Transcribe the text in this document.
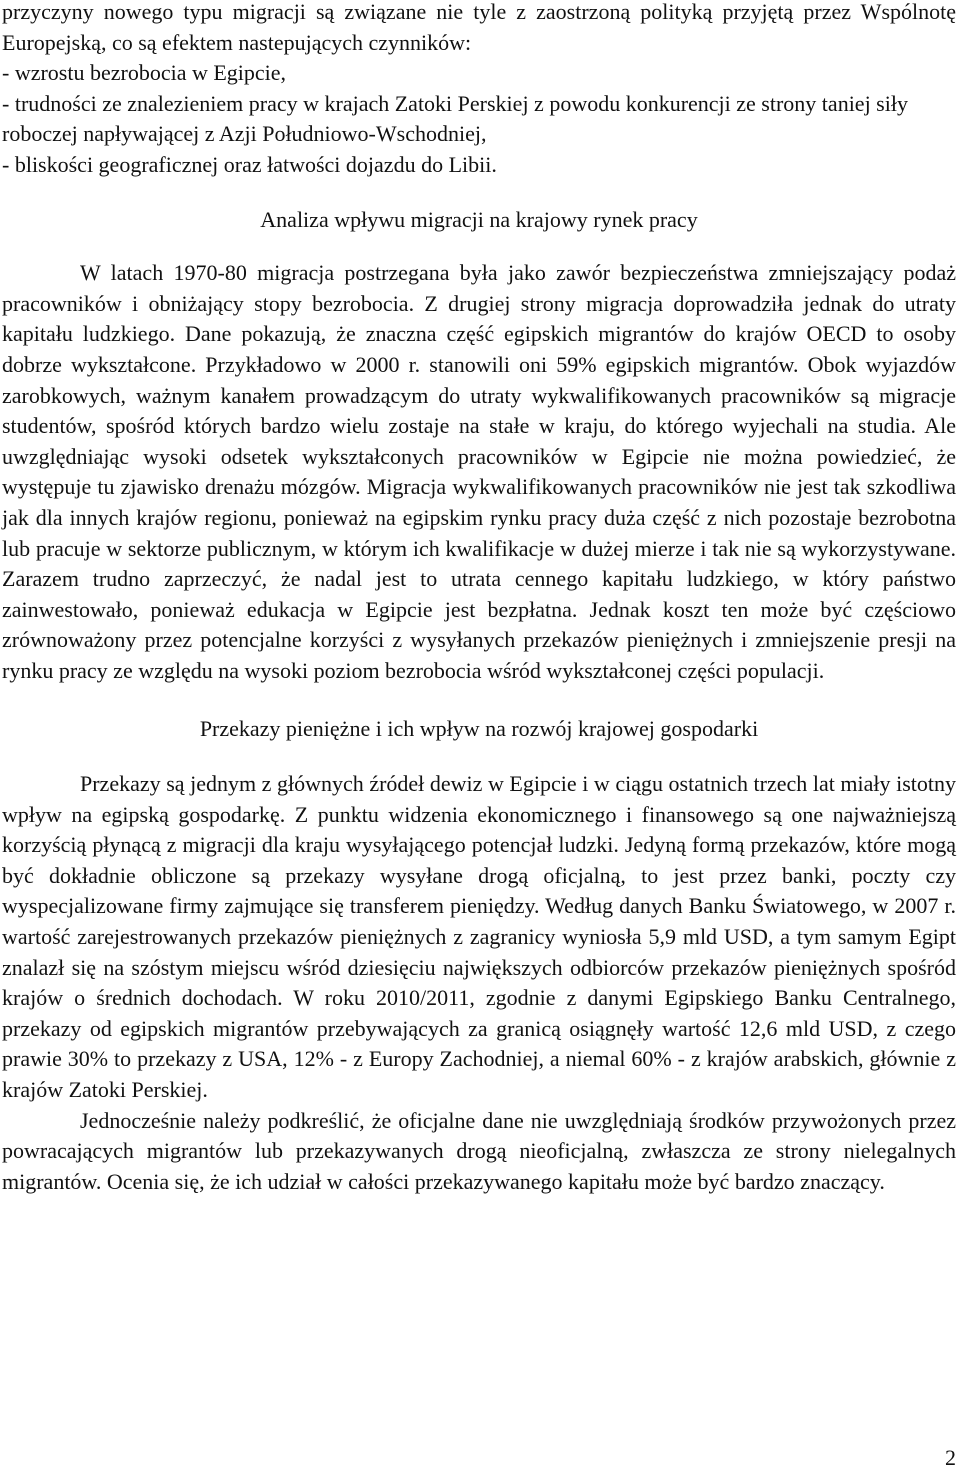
przyczyny nowego typu migracji są związane nie tyle z zaostrzoną polityką przyjętą przez Wspólnotę Europejską, co są efektem nastepujących czynników:

- wzrostu bezrobocia w Egipcie,

- trudności ze znalezieniem pracy w krajach Zatoki Perskiej z powodu konkurencji ze strony taniej siły roboczej napływającej z Azji Południowo-Wschodniej,

- bliskości geograficznej oraz łatwości dojazdu do Libii.

Analiza wpływu migracji na krajowy rynek pracy

W latach 1970-80 migracja postrzegana była jako zawór bezpieczeństwa zmniejszający podaż pracowników i obniżający stopy bezrobocia. Z drugiej strony migracja doprowadziła jednak do utraty kapitału ludzkiego. Dane pokazują, że znaczna część egipskich migrantów do krajów OECD to osoby dobrze wykształcone. Przykładowo w 2000 r. stanowili oni 59% egipskich migrantów. Obok wyjazdów zarobkowych, ważnym kanałem prowadzącym do utraty wykwalifikowanych pracowników są migracje studentów, spośród których bardzo wielu zostaje na stałe w kraju, do którego wyjechali na studia. Ale uwzględniając wysoki odsetek wykształconych pracowników w Egipcie nie można powiedzieć, że występuje tu zjawisko drenażu mózgów. Migracja wykwalifikowanych pracowników nie jest tak szkodliwa jak dla innych krajów regionu, ponieważ na egipskim rynku pracy duża część z nich pozostaje bezrobotna lub pracuje w sektorze publicznym, w którym ich kwalifikacje w dużej mierze i tak nie są wykorzystywane. Zarazem trudno zaprzeczyć, że nadal jest to utrata cennego kapitału ludzkiego, w który państwo zainwestowało, ponieważ edukacja w Egipcie jest bezpłatna. Jednak koszt ten może być częściowo zrównoważony przez potencjalne korzyści z wysyłanych przekazów pieniężnych i zmniejszenie presji na rynku pracy ze względu na wysoki poziom bezrobocia wśród wykształconej części populacji.

Przekazy pieniężne i ich wpływ na rozwój krajowej gospodarki

Przekazy są jednym z głównych źródeł dewiz w Egipcie i w ciągu ostatnich trzech lat miały istotny wpływ na egipską gospodarkę. Z punktu widzenia ekonomicznego i finansowego są one najważniejszą korzyścią płynącą z migracji dla kraju wysyłającego potencjał ludzki. Jedyną formą przekazów, które mogą być dokładnie obliczone są przekazy wysyłane drogą oficjalną, to jest przez banki, poczty czy wyspecjalizowane firmy zajmujące się transferem pieniędzy. Według danych Banku Światowego, w 2007 r. wartość zarejestrowanych przekazów pieniężnych z zagranicy wyniosła 5,9 mld USD, a tym samym Egipt znalazł się na szóstym miejscu wśród dziesięciu największych odbiorców przekazów pieniężnych spośród krajów o średnich dochodach. W roku 2010/2011, zgodnie z danymi Egipskiego Banku Centralnego, przekazy od egipskich migrantów przebywających za granicą osiągnęły wartość 12,6 mld USD, z czego prawie 30% to przekazy z USA, 12% - z Europy Zachodniej, a niemal 60% - z krajów arabskich, głównie z krajów Zatoki Perskiej.

Jednocześnie należy podkreślić, że oficjalne dane nie uwzględniają środków przywożonych przez powracających migrantów lub przekazywanych drogą nieoficjalną, zwłaszcza ze strony nielegalnych migrantów. Ocenia się, że ich udział w całości przekazywanego kapitału może być bardzo znaczący.

2
